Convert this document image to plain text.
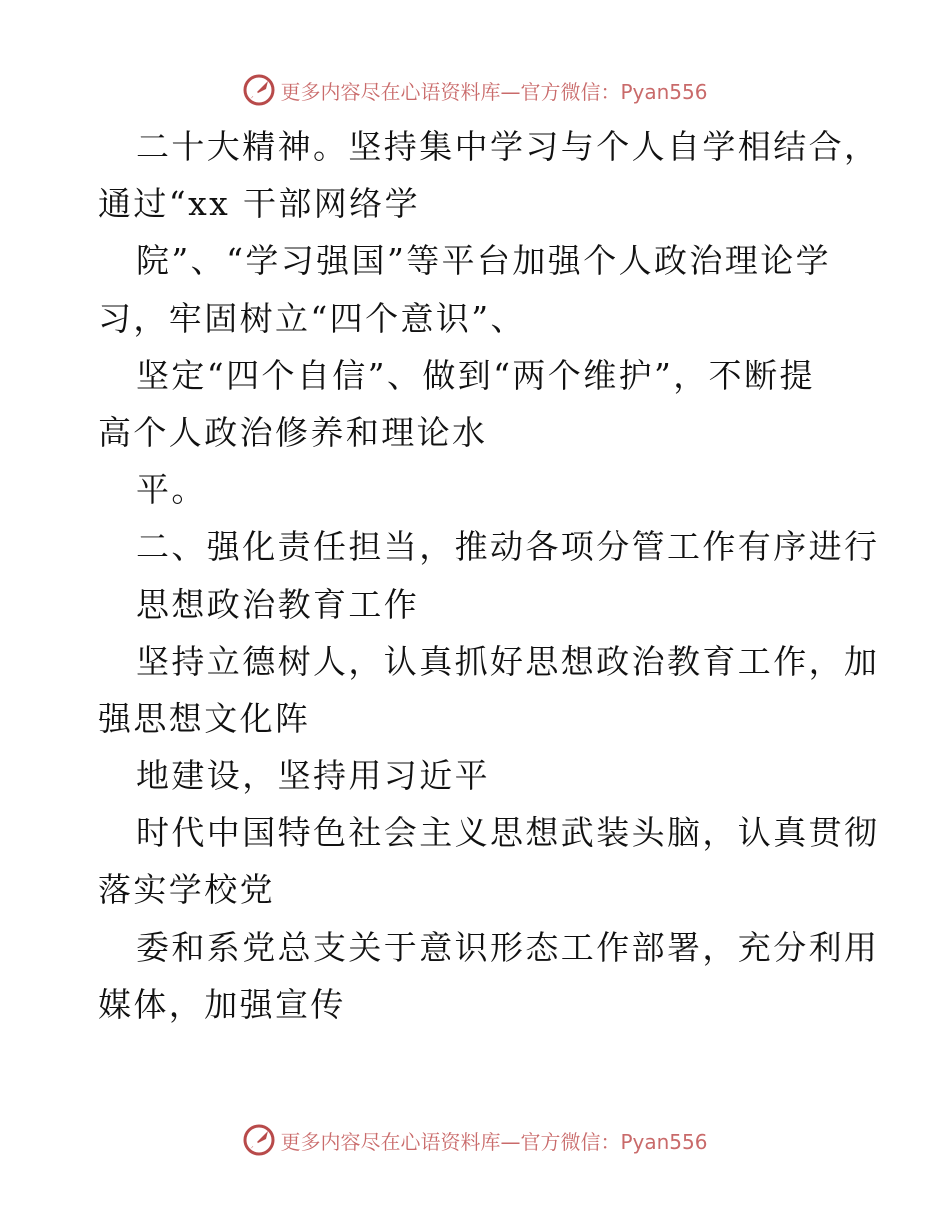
更多内容尽在心语资料库—官方微信：Pyan556
二十大精神。坚持集中学习与个人自学相结合，
通过“xx 干部网络学
院”、“学习强国”等平台加强个人政治理论学
习，牢固树立“四个意识”、
坚定“四个自信”、做到“两个维护”，不断提
高个人政治修养和理论水
平。
二、强化责任担当，推动各项分管工作有序进行
思想政治教育工作
坚持立德树人，认真抓好思想政治教育工作，加
强思想文化阵
地建设，坚持用习近平
时代中国特色社会主义思想武装头脑，认真贯彻
落实学校党
委和系党总支关于意识形态工作部署，充分利用
媒体，加强宣传
更多内容尽在心语资料库—官方微信：Pyan556
